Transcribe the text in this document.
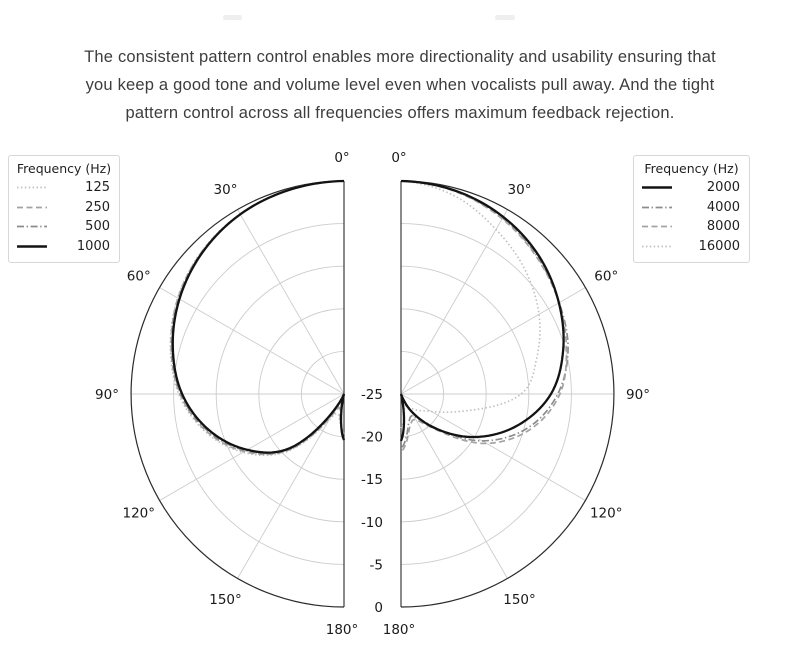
The consistent pattern control enables more directionality and usability ensuring that
you keep a good tone and volume level even when vocalists pull away. And the tight
pattern control across all frequencies offers maximum feedback rejection.

0°
30°
60°
90°
120°
150°
180°
-25
-20
-15
-10
-5
0
0°
30°
60°
90°
120°
150°
180°
Frequency (Hz)
125
250
500
1000
Frequency (Hz)
2000
4000
8000
16000
